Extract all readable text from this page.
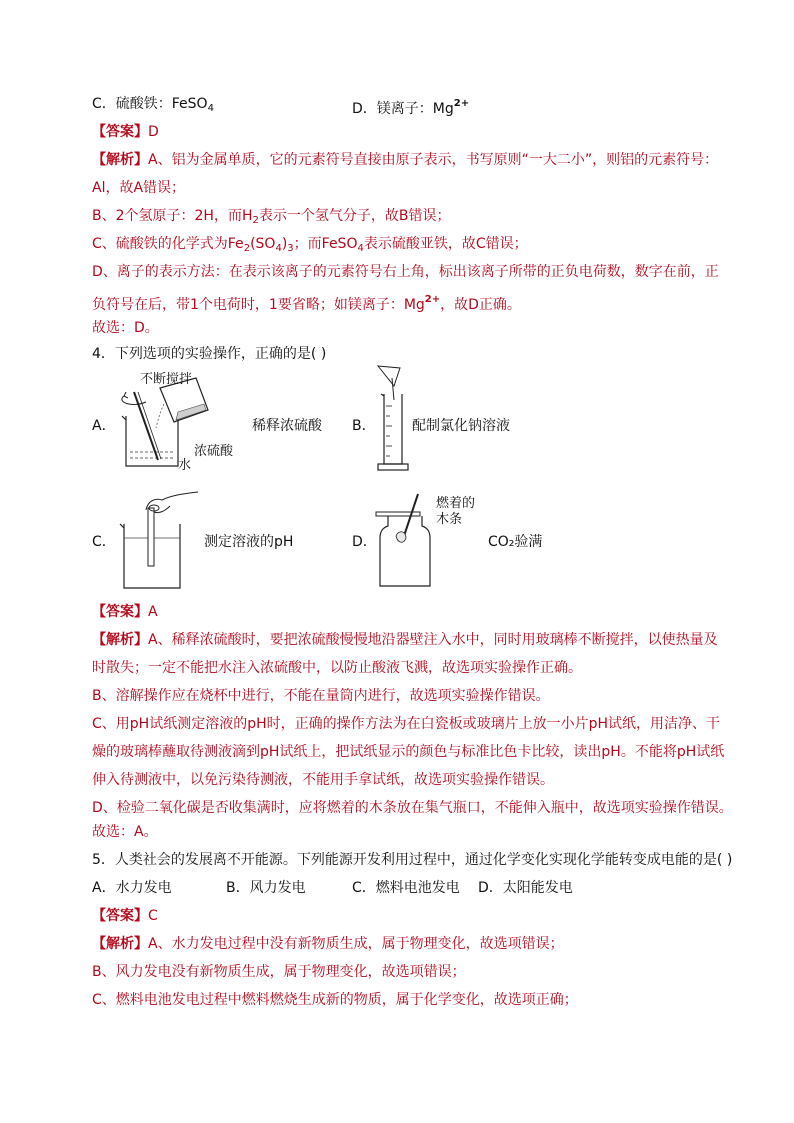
C．硫酸铁：FeSO$_4$	D．镁离子：$Mg^{2+}$
【答案】D
【解析】A、铝为金属单质，它的元素符号直接由原子表示，书写原则“一大二小”，则铝的元素符号：
Al，故A错误；
B、2个氢原子：2H，而$H_2$表示一个氢气分子，故B错误；
C、硫酸铁的化学式为$Fe_2(SO_4)_3$；而FeSO$_4$表示硫酸亚铁，故C错误；
D、离子的表示方法：在表示该离子的元素符号右上角，标出该离子所带的正负电荷数，数字在前，正
负符号在后，带1个电荷时，1要省略；如镁离子：$Mg^{2+}$，故D正确。
故选：D。
4．下列选项的实验操作，正确的是( )
A．
不断搅拌
浓硫酸
水
稀释浓硫酸 B．	配制氯化钠溶液
C．	测定溶液的pH	D．
燃着的
木条
CO₂验满
【答案】A
【解析】A、稀释浓硫酸时，要把浓硫酸慢慢地沿器壁注入水中，同时用玻璃棒不断搅拌，以使热量及
时散失；一定不能把水注入浓硫酸中，以防止酸液飞溅，故选项实验操作正确。
B、溶解操作应在烧杯中进行，不能在量筒内进行，故选项实验操作错误。
C、用pH试纸测定溶液的pH时，正确的操作方法为在白瓷板或玻璃片上放一小片pH试纸，用洁净、干
燥的玻璃棒蘸取待测液滴到pH试纸上，把试纸显示的颜色与标准比色卡比较，读出pH。不能将pH试纸
伸入待测液中，以免污染待测液，不能用手拿试纸，故选项实验操作错误。
D、检验二氧化碳是否收集满时，应将燃着的木条放在集气瓶口，不能伸入瓶中，故选项实验操作错误。
故选：A。
5．人类社会的发展离不开能源。下列能源开发利用过程中，通过化学变化实现化学能转变成电能的是( )
A．水力发电	B．风力发电	C．燃料电池发电 D．太阳能发电
【答案】C
【解析】A、水力发电过程中没有新物质生成，属于物理变化，故选项错误；
B、风力发电没有新物质生成，属于物理变化，故选项错误；
C、燃料电池发电过程中燃料燃烧生成新的物质，属于化学变化，故选项正确；
